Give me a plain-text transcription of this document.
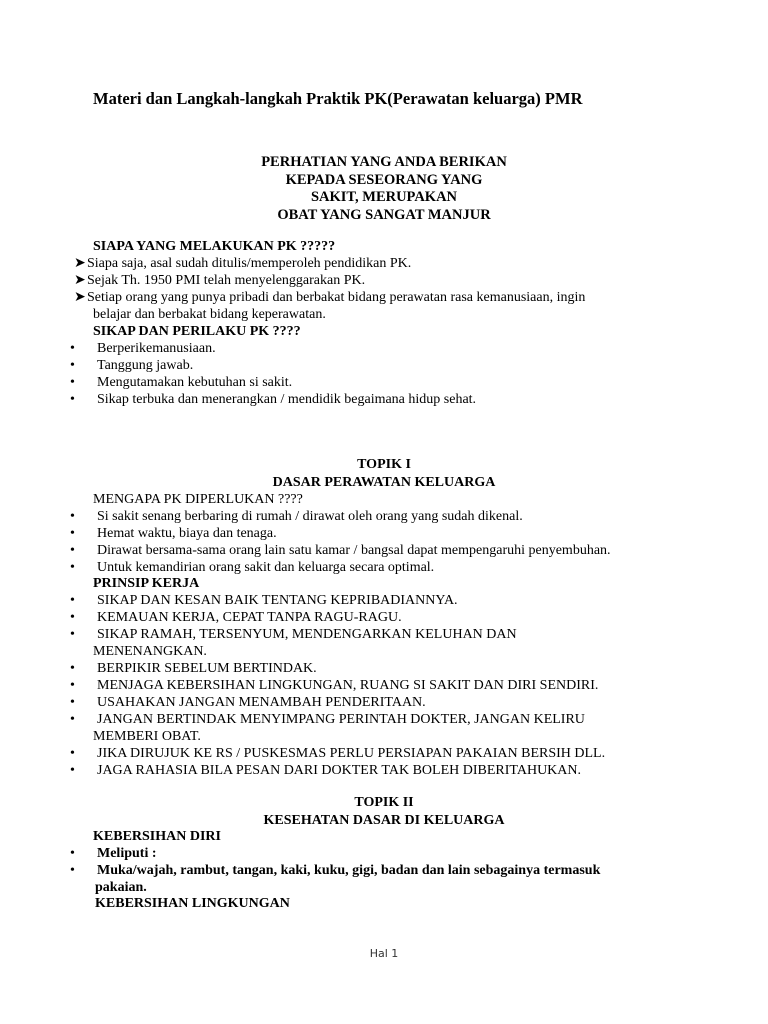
Materi dan Langkah-langkah Praktik PK(Perawatan keluarga) PMR
PERHATIAN YANG ANDA BERIKAN
KEPADA SESEORANG YANG
SAKIT, MERUPAKAN
OBAT YANG SANGAT MANJUR
SIAPA YANG MELAKUKAN PK ?????
➤ Siapa saja, asal sudah ditulis/memperoleh pendidikan PK.
➤ Sejak Th. 1950 PMI telah menyelenggarakan PK.
➤ Setiap orang yang punya pribadi dan berbakat bidang perawatan rasa kemanusiaan, ingin
belajar dan berbakat bidang keperawatan.
SIKAP DAN PERILAKU PK ????
• Berperikemanusiaan.
• Tanggung jawab.
• Mengutamakan kebutuhan si sakit.
• Sikap terbuka dan menerangkan / mendidik begaimana hidup sehat.
TOPIK I
DASAR PERAWATAN KELUARGA
MENGAPA PK DIPERLUKAN ????
• Si sakit senang berbaring di rumah / dirawat oleh orang yang sudah dikenal.
• Hemat waktu, biaya dan tenaga.
• Dirawat bersama-sama orang lain satu kamar / bangsal dapat mempengaruhi penyembuhan.
• Untuk kemandirian orang sakit dan keluarga secara optimal.
PRINSIP KERJA
• SIKAP DAN KESAN BAIK TENTANG KEPRIBADIANNYA.
• KEMAUAN KERJA, CEPAT TANPA RAGU-RAGU.
• SIKAP RAMAH, TERSENYUM, MENDENGARKAN KELUHAN DAN
MENENANGKAN.
• BERPIKIR SEBELUM BERTINDAK.
• MENJAGA KEBERSIHAN LINGKUNGAN, RUANG SI SAKIT DAN DIRI SENDIRI.
• USAHAKAN JANGAN MENAMBAH PENDERITAAN.
• JANGAN BERTINDAK MENYIMPANG PERINTAH DOKTER, JANGAN KELIRU
MEMBERI OBAT.
• JIKA DIRUJUK KE RS / PUSKESMAS PERLU PERSIAPAN PAKAIAN BERSIH DLL.
• JAGA RAHASIA BILA PESAN DARI DOKTER TAK BOLEH DIBERITAHUKAN.
TOPIK II
KESEHATAN DASAR DI KELUARGA
KEBERSIHAN DIRI
• Meliputi :
• Muka/wajah, rambut, tangan, kaki, kuku, gigi, badan dan lain sebagainya termasuk
pakaian.
KEBERSIHAN LINGKUNGAN
Hal 1
